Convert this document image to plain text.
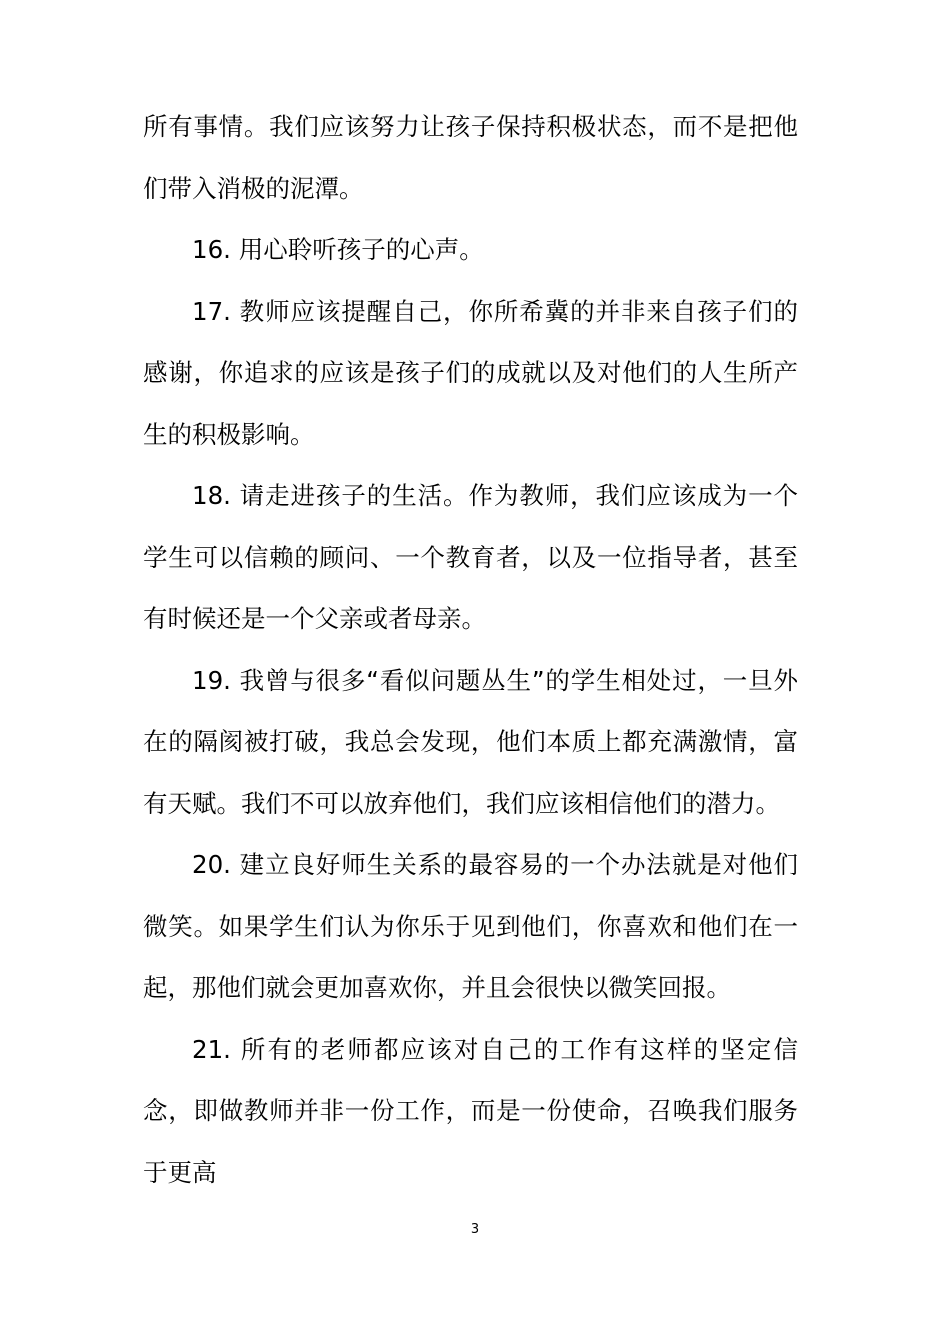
所有事情。我们应该努力让孩子保持积极状态，而不是把他们带入消极的泥潭。

16. 用心聆听孩子的心声。

17. 教师应该提醒自己，你所希冀的并非来自孩子们的感谢，你追求的应该是孩子们的成就以及对他们的人生所产生的积极影响。

18. 请走进孩子的生活。作为教师，我们应该成为一个学生可以信赖的顾问、一个教育者，以及一位指导者，甚至有时候还是一个父亲或者母亲。

19. 我曾与很多“看似问题丛生”的学生相处过，一旦外在的隔阂被打破，我总会发现，他们本质上都充满激情，富有天赋。我们不可以放弃他们，我们应该相信他们的潜力。

20. 建立良好师生关系的最容易的一个办法就是对他们微笑。如果学生们认为你乐于见到他们，你喜欢和他们在一起，那他们就会更加喜欢你，并且会很快以微笑回报。

21. 所有的老师都应该对自己的工作有这样的坚定信念，即做教师并非一份工作，而是一份使命，召唤我们服务于更高

3
